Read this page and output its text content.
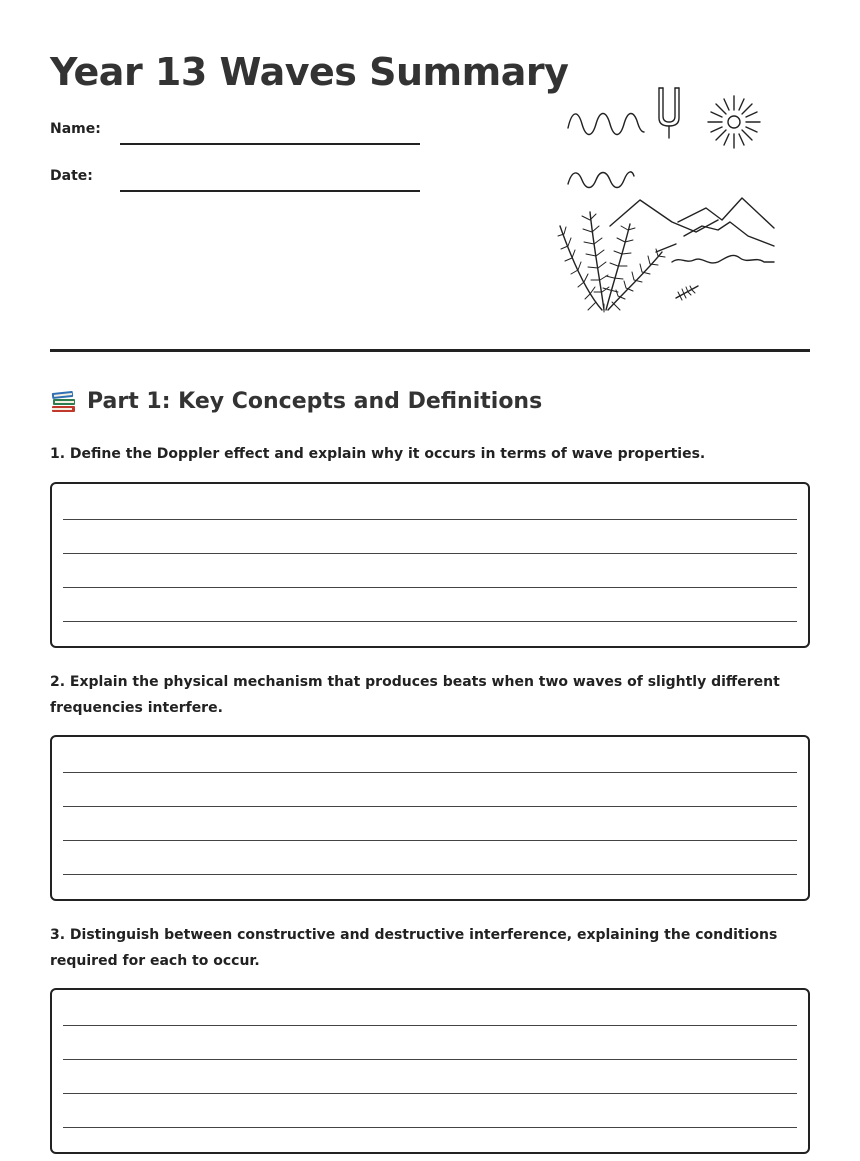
Year 13 Waves Summary
Name:
Date:
Part 1: Key Concepts and Definitions
1. Define the Doppler effect and explain why it occurs in terms of wave properties.
2. Explain the physical mechanism that produces beats when two waves of slightly different frequencies interfere.
3. Distinguish between constructive and destructive interference, explaining the conditions required for each to occur.
